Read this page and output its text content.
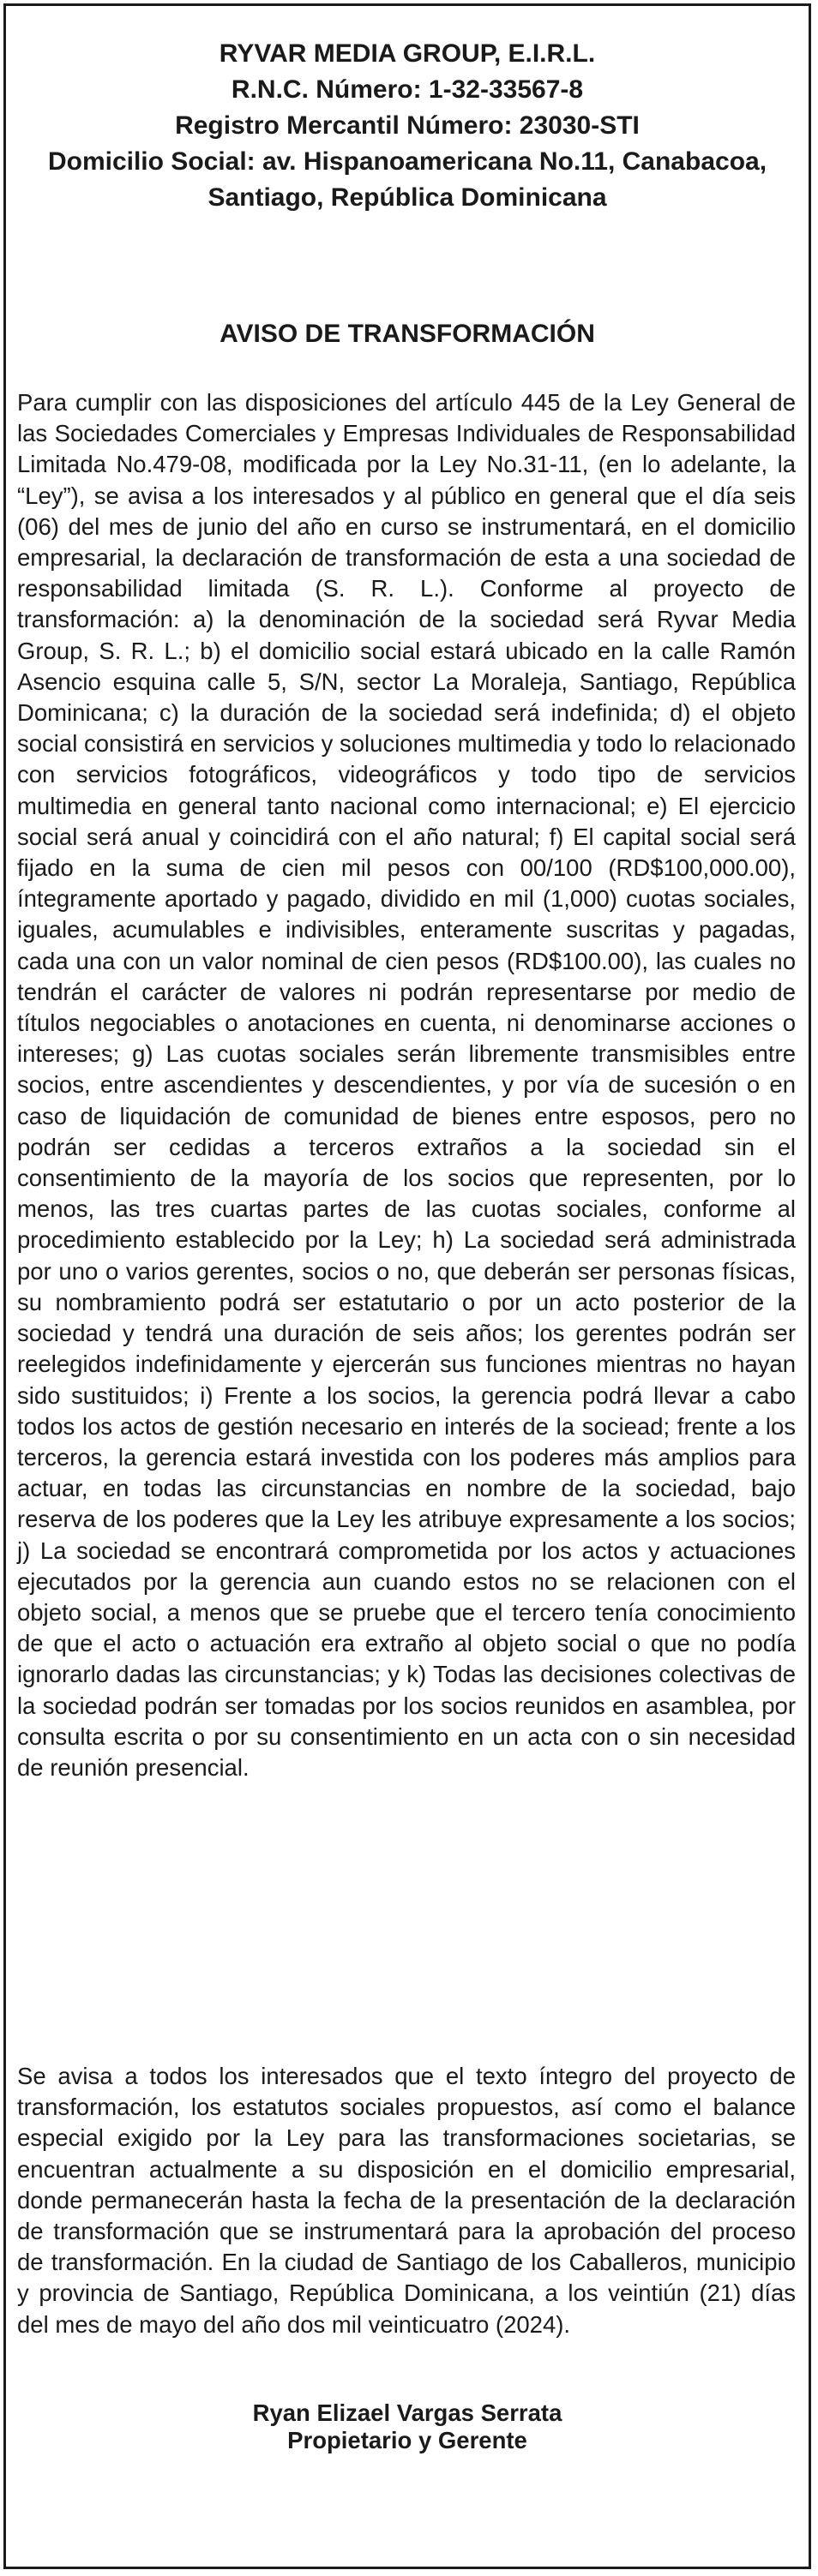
RYVAR MEDIA GROUP, E.I.R.L.
R.N.C. Número: 1-32-33567-8
Registro Mercantil Número: 23030-STI
Domicilio Social: av. Hispanoamericana No.11, Canabacoa, Santiago, República Dominicana
AVISO DE TRANSFORMACIÓN

Para cumplir con las disposiciones del artículo 445 de la Ley General de las Sociedades Comerciales y Empresas Individuales de Responsabilidad Limitada No.479-08, modificada por la Ley No.31-11, (en lo adelante, la “Ley”), se avisa a los interesados y al público en general que el día seis (06) del mes de junio del año en curso se instrumentará, en el domicilio empresarial, la declaración de transformación de esta a una sociedad de responsabilidad limitada (S. R. L.). Conforme al proyecto de transformación: a) la denominación de la sociedad será Ryvar Media Group, S. R. L.; b) el domicilio social estará ubicado en la calle Ramón Asencio esquina calle 5, S/N, sector La Moraleja, Santiago, República Dominicana; c) la duración de la sociedad será indefinida; d) el objeto social consistirá en servicios y soluciones multimedia y todo lo relacionado con servicios fotográficos, videográficos y todo tipo de servicios multimedia en general tanto nacional como internacional; e) El ejercicio social será anual y coincidirá con el año natural; f) El capital social será fijado en la suma de cien mil pesos con 00/100 (RD$100,000.00), íntegramente aportado y pagado, dividido en mil (1,000) cuotas sociales, iguales, acumulables e indivisibles, enteramente suscritas y pagadas, cada una con un valor nominal de cien pesos (RD$100.00), las cuales no tendrán el carácter de valores ni podrán representarse por medio de títulos negociables o anotaciones en cuenta, ni denominarse acciones o intereses; g) Las cuotas sociales serán libremente transmisibles entre socios, entre ascendientes y descendientes, y por vía de sucesión o en caso de liquidación de comunidad de bienes entre esposos, pero no podrán ser cedidas a terceros extraños a la sociedad sin el consentimiento de la mayoría de los socios que representen, por lo menos, las tres cuartas partes de las cuotas sociales, conforme al procedimiento establecido por la Ley; h) La sociedad será administrada por uno o varios gerentes, socios o no, que deberán ser personas físicas, su nombramiento podrá ser estatutario o por un acto posterior de la sociedad y tendrá una duración de seis años; los gerentes podrán ser reelegidos indefinidamente y ejercerán sus funciones mientras no hayan sido sustituidos; i) Frente a los socios, la gerencia podrá llevar a cabo todos los actos de gestión necesario en interés de la sociead; frente a los terceros, la gerencia estará investida con los poderes más amplios para actuar, en todas las circunstancias en nombre de la sociedad, bajo reserva de los poderes que la Ley les atribuye expresamente a los socios; j) La sociedad se encontrará comprometida por los actos y actuaciones ejecutados por la gerencia aun cuando estos no se relacionen con el objeto social, a menos que se pruebe que el tercero tenía conocimiento de que el acto o actuación era extraño al objeto social o que no podía ignorarlo dadas las circunstancias; y k) Todas las decisiones colectivas de la sociedad podrán ser tomadas por los socios reunidos en asamblea, por consulta escrita o por su consentimiento en un acta con o sin necesidad de reunión presencial.

Se avisa a todos los interesados que el texto íntegro del proyecto de transformación, los estatutos sociales propuestos, así como el balance especial exigido por la Ley para las transformaciones societarias, se encuentran actualmente a su disposición en el domicilio empresarial, donde permanecerán hasta la fecha de la presentación de la declaración de transformación que se instrumentará para la aprobación del proceso de transformación. En la ciudad de Santiago de los Caballeros, municipio y provincia de Santiago, República Dominicana, a los veintiún (21) días del mes de mayo del año dos mil veinticuatro (2024).

Ryan Elizael Vargas Serrata
Propietario y Gerente
